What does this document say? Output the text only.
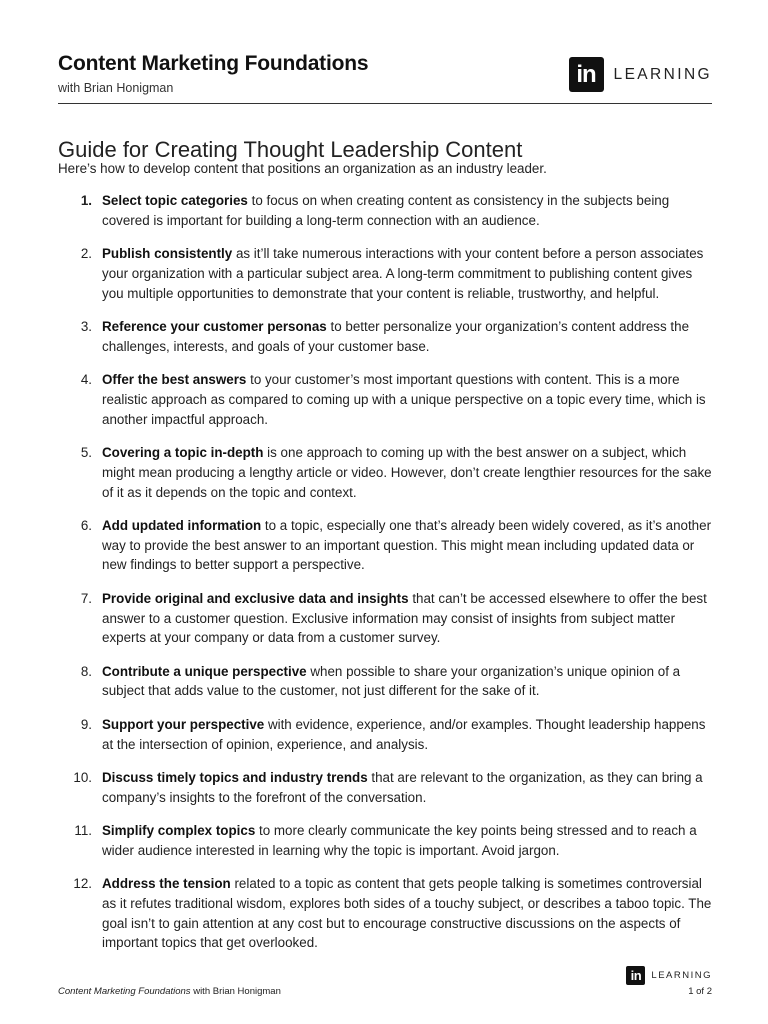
Content Marketing Foundations
with Brian Honigman
in	LEARNING
Guide for Creating Thought Leadership Content
Here’s how to develop content that positions an organization as an industry leader.
1. Select topic categories to focus on when creating content as consistency in the subjects being covered is important for building a long-term connection with an audience.
2. Publish consistently as it’ll take numerous interactions with your content before a person associates your organization with a particular subject area. A long-term commitment to publishing content gives you multiple opportunities to demonstrate that your content is reliable, trustworthy, and helpful.
3. Reference your customer personas to better personalize your organization’s content address the challenges, interests, and goals of your customer base.
4. Offer the best answers to your customer’s most important questions with content. This is a more realistic approach as compared to coming up with a unique perspective on a topic every time, which is another impactful approach.
5. Covering a topic in-depth is one approach to coming up with the best answer on a subject, which might mean producing a lengthy article or video. However, don’t create lengthier resources for the sake of it as it depends on the topic and context.
6. Add updated information to a topic, especially one that’s already been widely covered, as it’s another way to provide the best answer to an important question. This might mean including updated data or new findings to better support a perspective.
7. Provide original and exclusive data and insights that can’t be accessed elsewhere to offer the best answer to a customer question. Exclusive information may consist of insights from subject matter experts at your company or data from a customer survey.
8. Contribute a unique perspective when possible to share your organization’s unique opinion of a subject that adds value to the customer, not just different for the sake of it.
9. Support your perspective with evidence, experience, and/or examples. Thought leadership happens at the intersection of opinion, experience, and analysis.
10. Discuss timely topics and industry trends that are relevant to the organization, as they can bring a company’s insights to the forefront of the conversation.
11. Simplify complex topics to more clearly communicate the key points being stressed and to reach a wider audience interested in learning why the topic is important. Avoid jargon.
12. Address the tension related to a topic as content that gets people talking is sometimes controversial as it refutes traditional wisdom, explores both sides of a touchy subject, or describes a taboo topic. The goal isn’t to gain attention at any cost but to encourage constructive discussions on the aspects of important topics that get overlooked.
in	LEARNING
Content Marketing Foundations with Brian Honigman	1 of 2
